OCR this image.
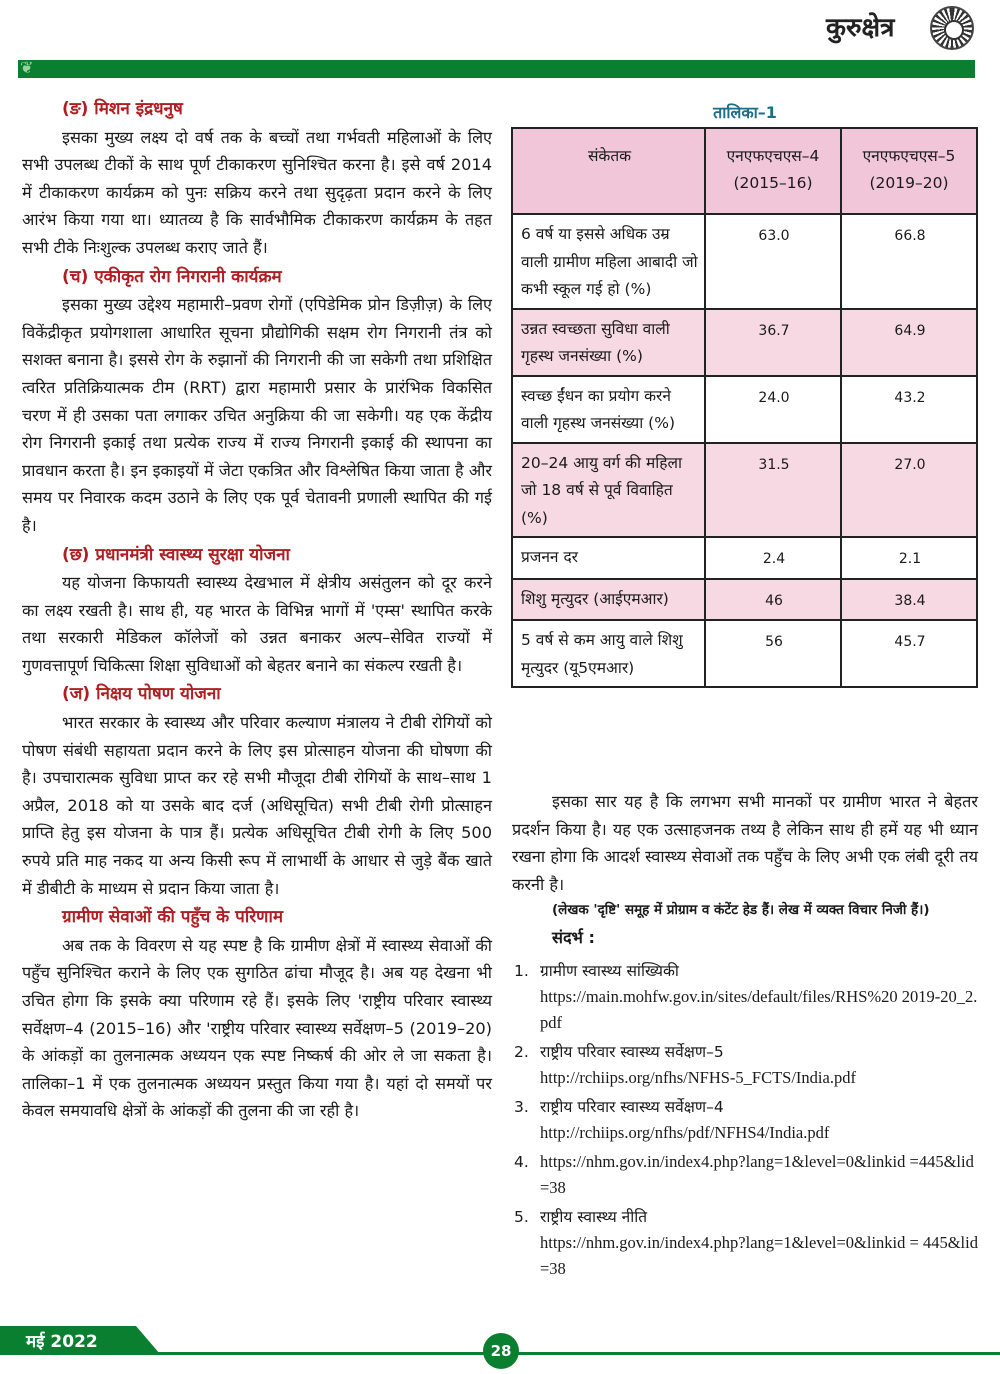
कुरुक्षेत्र
❦
(ङ) मिशन इंद्रधनुष

इसका मुख्य लक्ष्य दो वर्ष तक के बच्चों तथा गर्भवती महिलाओं के लिए सभी उपलब्ध टीकों के साथ पूर्ण टीकाकरण सुनिश्चित करना है। इसे वर्ष 2014 में टीकाकरण कार्यक्रम को पुनः सक्रिय करने तथा सुदृढ़ता प्रदान करने के लिए आरंभ किया गया था। ध्यातव्य है कि सार्वभौमिक टीकाकरण कार्यक्रम के तहत सभी टीके निःशुल्क उपलब्ध कराए जाते हैं।

(च) एकीकृत रोग निगरानी कार्यक्रम

इसका मुख्य उद्देश्य महामारी–प्रवण रोगों (एपिडेमिक प्रोन डिज़ीज़) के लिए विकेंद्रीकृत प्रयोगशाला आधारित सूचना प्रौद्योगिकी सक्षम रोग निगरानी तंत्र को सशक्त बनाना है। इससे रोग के रुझानों की निगरानी की जा सकेगी तथा प्रशिक्षित त्वरित प्रतिक्रियात्मक टीम (RRT) द्वारा महामारी प्रसार के प्रारंभिक विकसित चरण में ही उसका पता लगाकर उचित अनुक्रिया की जा सकेगी। यह एक केंद्रीय रोग निगरानी इकाई तथा प्रत्येक राज्य में राज्य निगरानी इकाई की स्थापना का प्रावधान करता है। इन इकाइयों में जेटा एकत्रित और विश्लेषित किया जाता है और समय पर निवारक कदम उठाने के लिए एक पूर्व चेतावनी प्रणाली स्थापित की गई है।

(छ) प्रधानमंत्री स्वास्थ्य सुरक्षा योजना

यह योजना किफायती स्वास्थ्य देखभाल में क्षेत्रीय असंतुलन को दूर करने का लक्ष्य रखती है। साथ ही, यह भारत के विभिन्न भागों में 'एम्स' स्थापित करके तथा सरकारी मेडिकल कॉलेजों को उन्नत बनाकर अल्प–सेवित राज्यों में गुणवत्तापूर्ण चिकित्सा शिक्षा सुविधाओं को बेहतर बनाने का संकल्प रखती है।

(ज) निक्षय पोषण योजना

भारत सरकार के स्वास्थ्य और परिवार कल्याण मंत्रालय ने टीबी रोगियों को पोषण संबंधी सहायता प्रदान करने के लिए इस प्रोत्साहन योजना की घोषणा की है। उपचारात्मक सुविधा प्राप्त कर रहे सभी मौजूदा टीबी रोगियों के साथ–साथ 1 अप्रैल, 2018 को या उसके बाद दर्ज (अधिसूचित) सभी टीबी रोगी प्रोत्साहन प्राप्ति हेतु इस योजना के पात्र हैं। प्रत्येक अधिसूचित टीबी रोगी के लिए 500 रुपये प्रति माह नकद या अन्य किसी रूप में लाभार्थी के आधार से जुड़े बैंक खाते में डीबीटी के माध्यम से प्रदान किया जाता है।

ग्रामीण सेवाओं की पहुँच के परिणाम

अब तक के विवरण से यह स्पष्ट है कि ग्रामीण क्षेत्रों में स्वास्थ्य सेवाओं की पहुँच सुनिश्चित कराने के लिए एक सुगठित ढांचा मौजूद है। अब यह देखना भी उचित होगा कि इसके क्या परिणाम रहे हैं। इसके लिए 'राष्ट्रीय परिवार स्वास्थ्य सर्वेक्षण–4 (2015–16) और 'राष्ट्रीय परिवार स्वास्थ्य सर्वेक्षण–5 (2019–20) के आंकड़ों का तुलनात्मक अध्ययन एक स्पष्ट निष्कर्ष की ओर ले जा सकता है। तालिका–1 में एक तुलनात्मक अध्ययन प्रस्तुत किया गया है। यहां दो समयों पर केवल समयावधि क्षेत्रों के आंकड़ों की तुलना की जा रही है।

तालिका–1
संकेतक	एनएफएचएस–4 (2015–16)	एनएफएचएस–5 (2019–20)
6 वर्ष या इससे अधिक उम्र वाली ग्रामीण महिला आबादी जो कभी स्कूल गई हो (%)	63.0	66.8
उन्नत स्वच्छता सुविधा वाली गृहस्थ जनसंख्या (%)	36.7	64.9
स्वच्छ ईंधन का प्रयोग करने वाली गृहस्थ जनसंख्या (%)	24.0	43.2
20–24 आयु वर्ग की महिला जो 18 वर्ष से पूर्व विवाहित (%)	31.5	27.0
प्रजनन दर	2.4	2.1
शिशु मृत्युदर (आईएमआर)	46	38.4
5 वर्ष से कम आयु वाले शिशु मृत्युदर (यू5एमआर)	56	45.7

इसका सार यह है कि लगभग सभी मानकों पर ग्रामीण भारत ने बेहतर प्रदर्शन किया है। यह एक उत्साहजनक तथ्य है लेकिन साथ ही हमें यह भी ध्यान रखना होगा कि आदर्श स्वास्थ्य सेवाओं तक पहुँच के लिए अभी एक लंबी दूरी तय करनी है।

(लेखक 'दृष्टि' समूह में प्रोग्राम व कंटेंट हेड हैं। लेख में व्यक्त विचार निजी हैं।)

संदर्भ :
1. ग्रामीण स्वास्थ्य सांख्यिकी
https://main.mohfw.gov.in/sites/default/files/RHS%20 2019-20_2.pdf
2. राष्ट्रीय परिवार स्वास्थ्य सर्वेक्षण–5
http://rchiips.org/nfhs/NFHS-5_FCTS/India.pdf
3. राष्ट्रीय परिवार स्वास्थ्य सर्वेक्षण–4
http://rchiips.org/nfhs/pdf/NFHS4/India.pdf
4. https://nhm.gov.in/index4.php?lang=1&level=0&linkid =445&lid=38
5. राष्ट्रीय स्वास्थ्य नीति
https://nhm.gov.in/index4.php?lang=1&level=0&linkid = 445&lid=38
मई 2022	28
